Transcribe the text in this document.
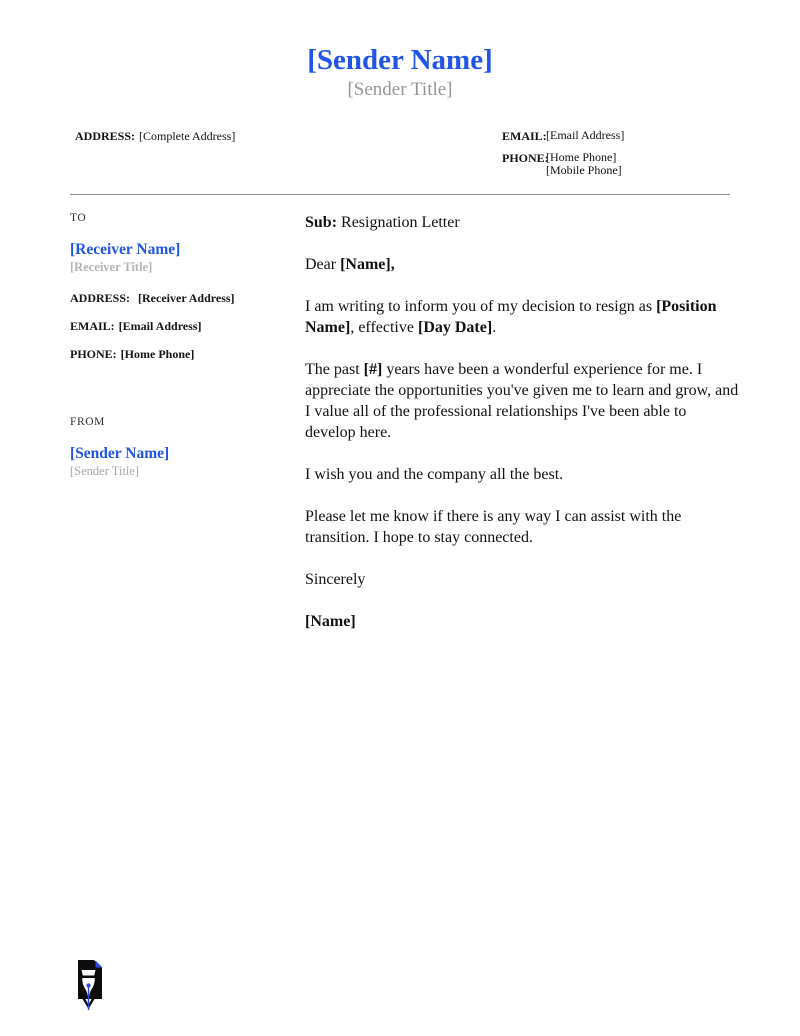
[Sender Name]
[Sender Title]
ADDRESS: [Complete Address]	EMAIL: [Email Address]
PHONE:
[Home Phone]
[Mobile Phone]
TO
[Receiver Name]
[Receiver Title]
ADDRESS: [Receiver Address]
EMAIL: [Email Address]
PHONE: [Home Phone]
FROM
[Sender Name]
[Sender Title]
Sub: Resignation Letter
Dear [Name],
I am writing to inform you of my decision to resign as [Position Name], effective [Day Date].
The past [#] years have been a wonderful experience for me. I appreciate the opportunities you've given me to learn and grow, and I value all of the professional relationships I've been able to develop here.
I wish you and the company all the best.
Please let me know if there is any way I can assist with the transition. I hope to stay connected.
Sincerely
[Name]
